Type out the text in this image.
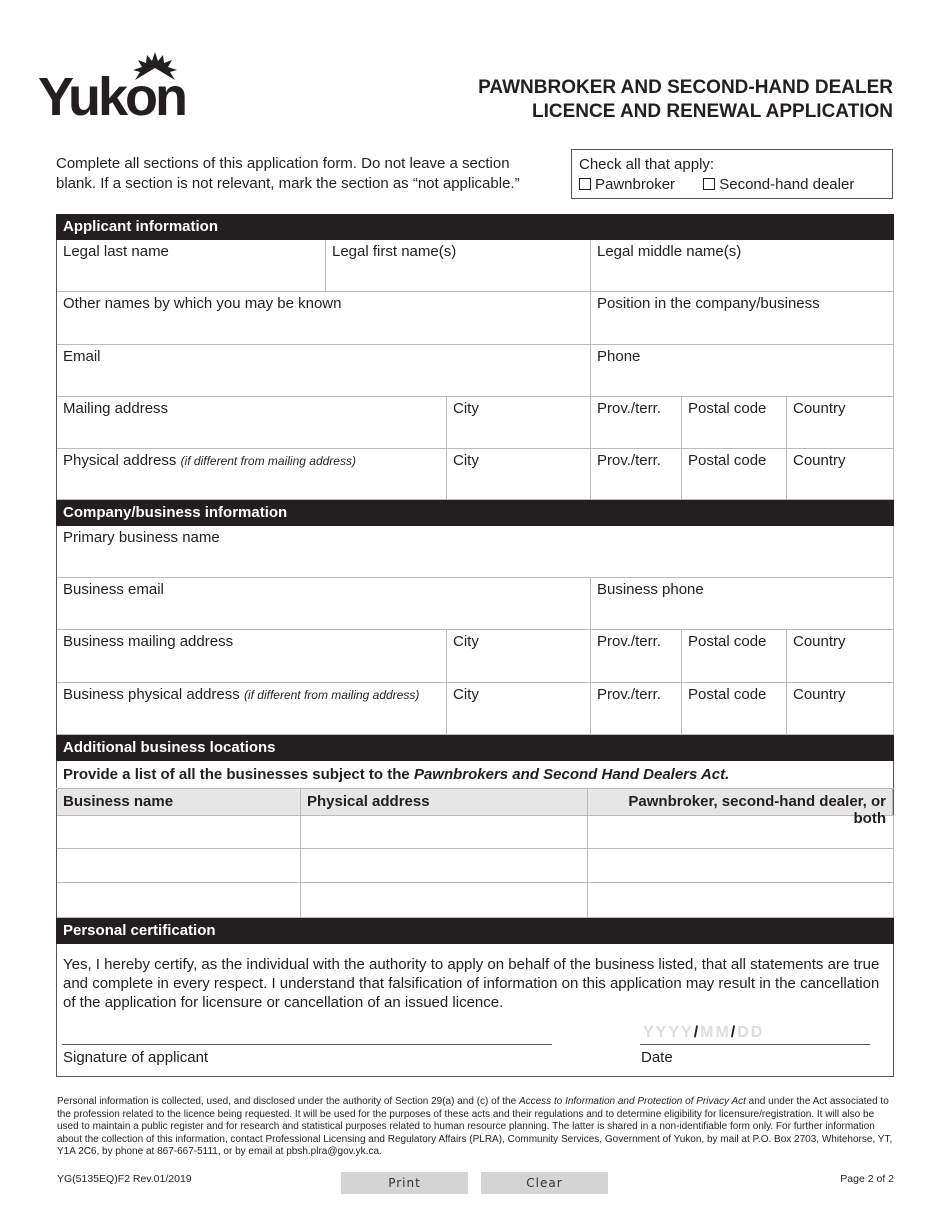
Yukon	PAWNBROKER AND SECOND-HAND DEALER
LICENCE AND RENEWAL APPLICATION
Complete all sections of this application form. Do not leave a section blank. If a section is not relevant, mark the section as “not applicable.”
Check all that apply:
Pawnbroker	Second-hand dealer
Legal last name	Legal first name(s)	Legal middle name(s)
Other names by which you may be known	Position in the company/business
Email	Phone
Mailing address	City	Prov./terr.	Postal code	Country
Physical address (if different from mailing address)	City	Prov./terr.	Postal code	Country
Primary business name
Business email	Business phone
Business mailing address	City	Prov./terr.	Postal code	Country
Business physical address (if different from mailing address)	City	Prov./terr.	Postal code	Country
Applicant information
Company/business information
Additional business locations
Personal certification
Provide a list of all the businesses subject to the Pawnbrokers and Second Hand Dealers Act.
Business name	Physical address	Pawnbroker, second-hand dealer, or both
Yes, I hereby certify, as the individual with the authority to apply on behalf of the business listed, that all statements are true and complete in every respect. I understand that falsification of information on this application may result in the cancellation of the application for licensure or cancellation of an issued licence.
Signature of applicant
YYYY/MM/DD
Date
Personal information is collected, used, and disclosed under the authority of Section 29(a) and (c) of the Access to Information and Protection of Privacy Act and under the Act associated to the profession related to the licence being requested. It will be used for the purposes of these acts and their regulations and to determine eligibility for licensure/registration. It will also be used to maintain a public register and for research and statistical purposes related to human resource planning. The latter is shared in a non-identifiable form only. For further information about the collection of this information, contact Professional Licensing and Regulatory Affairs (PLRA), Community Services, Government of Yukon, by mail at P.O. Box 2703, Whitehorse, YT, Y1A 2C6, by phone at 867-667-5111, or by email at pbsh.plra@gov.yk.ca.
YG(5135EQ)F2 Rev.01/2019	Page 2 of 2
Print	Clear
